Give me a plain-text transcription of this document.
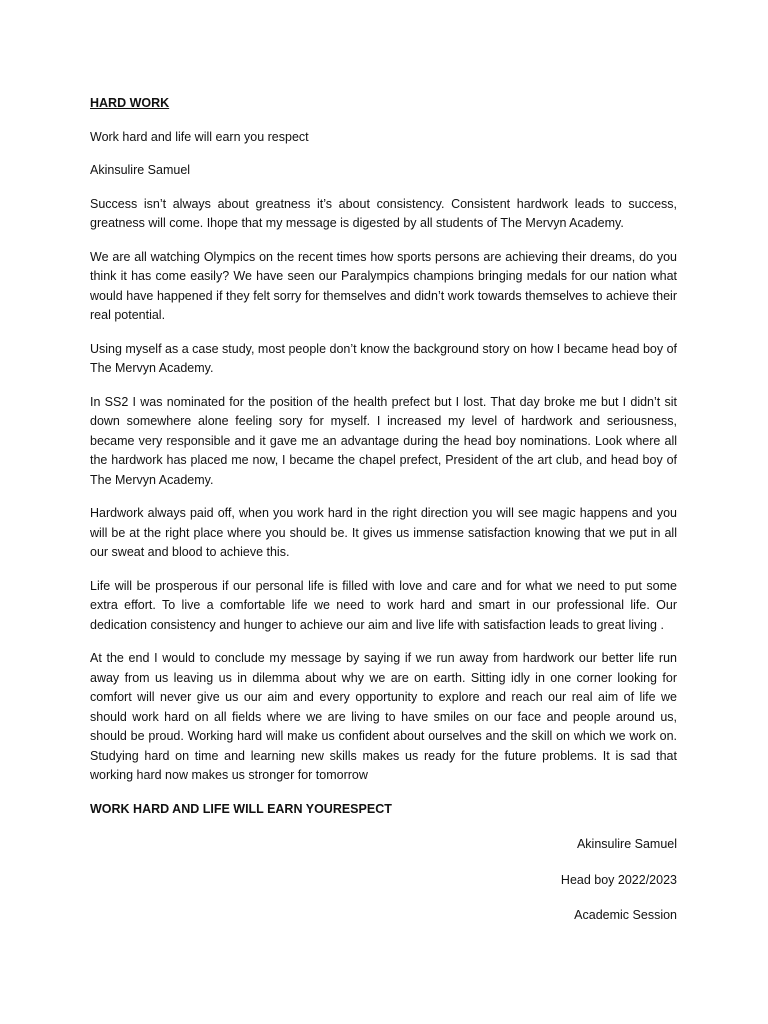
HARD WORK
Work hard and life will earn you respect
Akinsulire Samuel

Success isn’t always about greatness it’s about consistency. Consistent hardwork leads to success, greatness will come. Ihope that my message is digested by all students of The Mervyn Academy.

We are all watching Olympics on the recent times how sports persons are achieving their dreams, do you think it has come easily? We have seen our Paralympics champions bringing medals for our nation what would have happened if they felt sorry for themselves and didn’t work towards themselves to achieve their real potential.

Using myself as a case study, most people don’t know the background story on how I became head boy of The Mervyn Academy.

In SS2 I was nominated for the position of the health prefect but I lost. That day broke me but I didn’t sit down somewhere alone feeling sory for myself. I increased my level of hardwork and seriousness, became very responsible and it gave me an advantage during the head boy nominations. Look where all the hardwork has placed me now, I became the chapel prefect, President of the art club, and head boy of The Mervyn Academy.

Hardwork always paid off, when you work hard in the right direction you will see magic happens and you will be at the right place where you should be. It gives us immense satisfaction knowing that we put in all our sweat and blood to achieve this.

Life will be prosperous if our personal life is filled with love and care and for what we need to put some extra effort. To live a comfortable life we need to work hard and smart in our professional life. Our dedication consistency and hunger to achieve our aim and live life with satisfaction leads to great living .

At the end I would to conclude my message by saying if we run away from hardwork our better life run away from us leaving us in dilemma about why we are on earth. Sitting idly in one corner looking for comfort will never give us our aim and every opportunity to explore and reach our real aim of life we should work hard on all fields where we are living to have smiles on our face and people around us, should be proud. Working hard will make us confident about ourselves and the skill on which we work on. Studying hard on time and learning new skills makes us ready for the future problems. It is sad that working hard now makes us stronger for tomorrow

WORK HARD AND LIFE WILL EARN YOURESPECT
Akinsulire Samuel
Head boy 2022/2023
Academic Session
